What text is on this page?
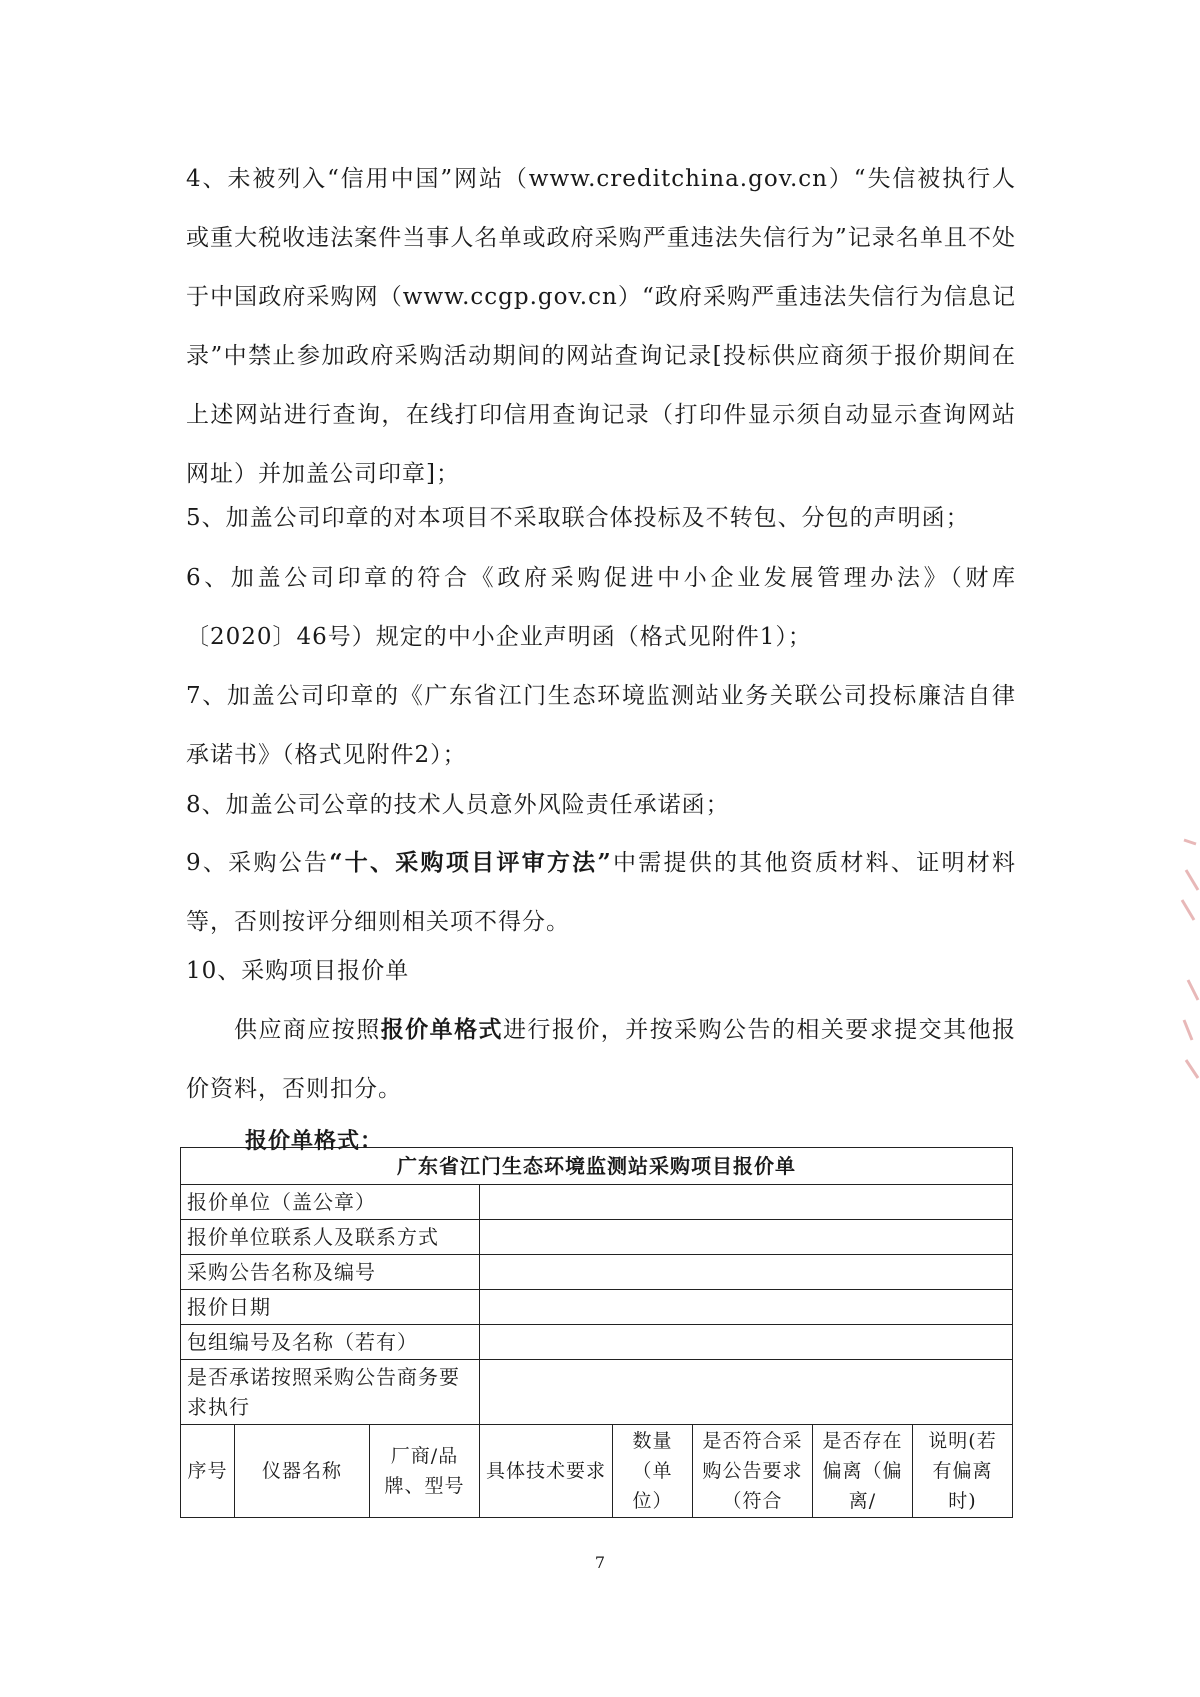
4、未被列入“信用中国”网站（www.creditchina.gov.cn）“失信被执行人或重大税收违法案件当事人名单或政府采购严重违法失信行为”记录名单且不处于中国政府采购网（www.ccgp.gov.cn）“政府采购严重违法失信行为信息记录”中禁止参加政府采购活动期间的网站查询记录[投标供应商须于报价期间在上述网站进行查询，在线打印信用查询记录（打印件显示须自动显示查询网站网址）并加盖公司印章]；

5、加盖公司印章的对本项目不采取联合体投标及不转包、分包的声明函；

6、加盖公司印章的符合《政府采购促进中小企业发展管理办法》（财库〔2020〕46号）规定的中小企业声明函（格式见附件1）；

7、加盖公司印章的《广东省江门生态环境监测站业务关联公司投标廉洁自律承诺书》（格式见附件2）；

8、加盖公司公章的技术人员意外风险责任承诺函；

9、采购公告“十、采购项目评审方法”中需提供的其他资质材料、证明材料等，否则按评分细则相关项不得分。

10、采购项目报价单

供应商应按照报价单格式进行报价，并按采购公告的相关要求提交其他报价资料，否则扣分。

报价单格式：
广东省江门生态环境监测站采购项目报价单							
报价单位（盖公章）							
报价单位联系人及联系方式							
采购公告名称及编号							
报价日期							
包组编号及名称（若有）							
是否承诺按照采购公告商务要求执行							
序号	仪器名称	厂商/品牌、型号	具体技术要求	数量（单位）	是否符合采购公告要求（符合	是否存在偏离（偏离/	说明(若有偏离时)
7
